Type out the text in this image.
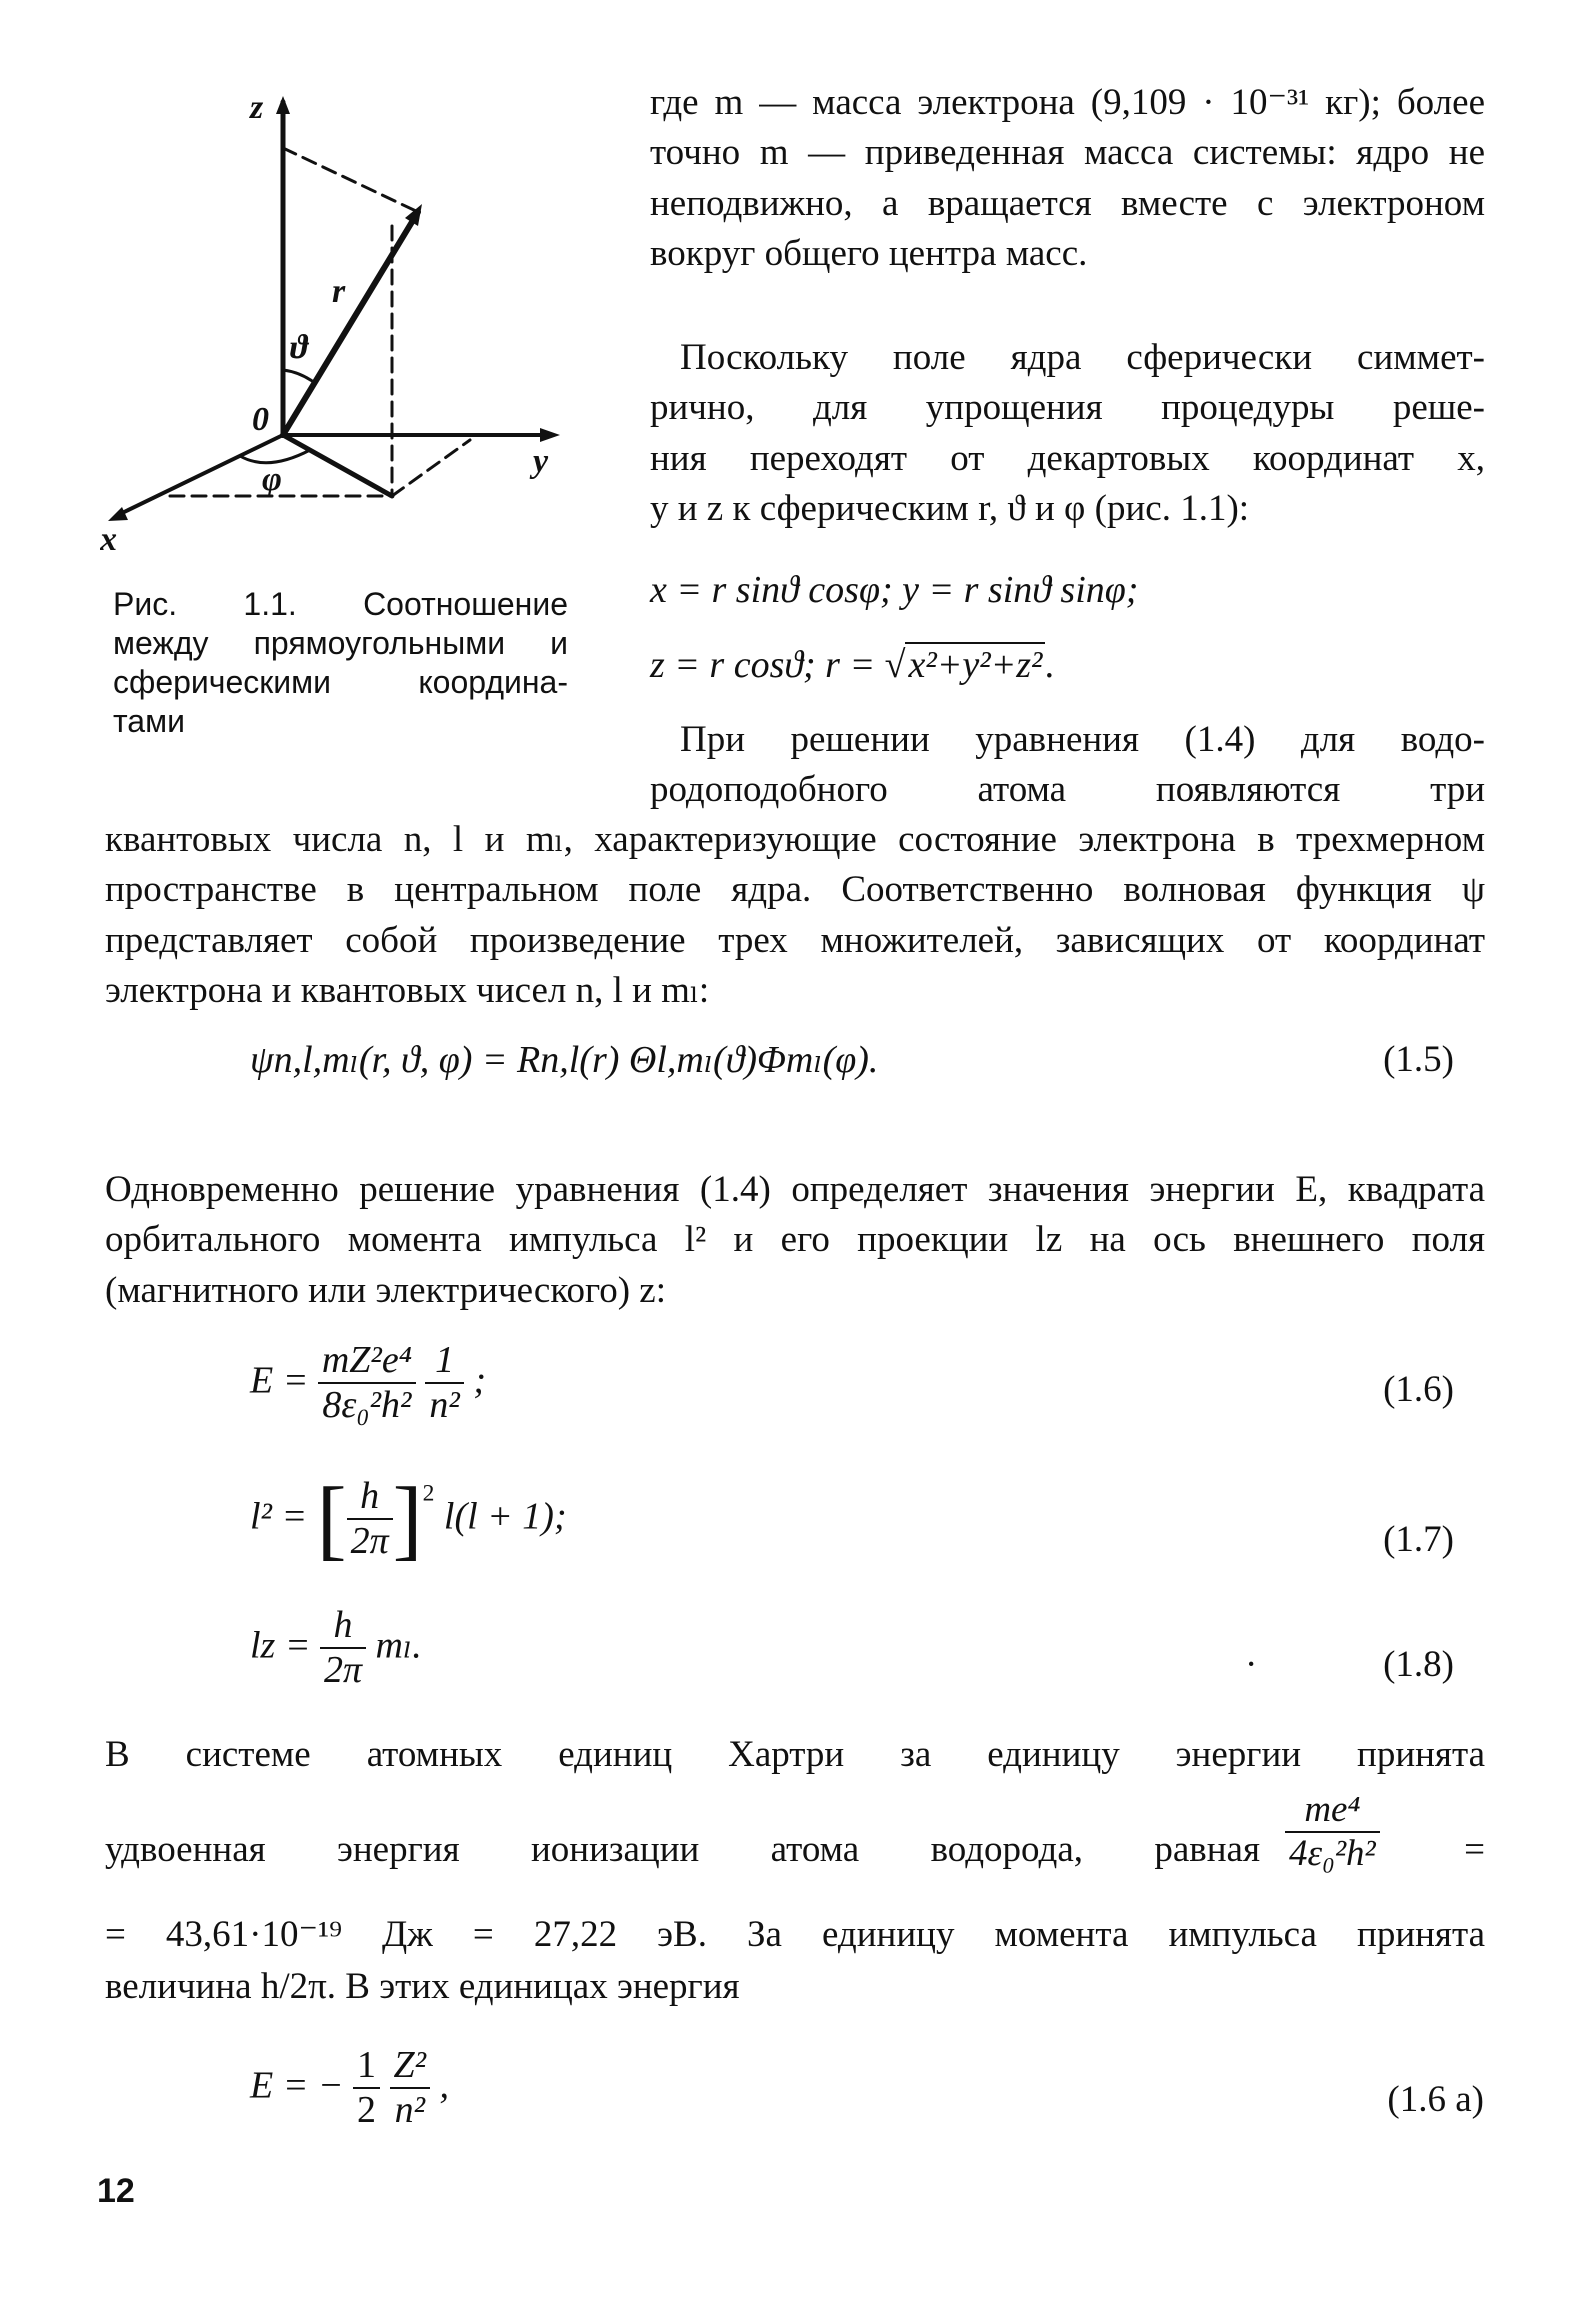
z
y
x
0
r
ϑ
φ
Рис. 1.1. Соотношение
между прямоугольными и
сферическими координа-
тами
где m — масса электрона (9,109 · 10⁻³¹ кг); более точно m — приведенная масса системы: ядро не неподвижно, а вращается вместе с электроном вокруг общего центра масс.
Поскольку поле ядра сферически симмет-
рично, для упрощения процедуры реше-
ния переходят от декартовых координат x,
y и z к сферическим r, ϑ и φ (рис. 1.1):
x = r sinϑ cosφ; y = r sinϑ sinφ;
z = r cosϑ; r = √x²+y²+z².
При решении уравнения (1.4) для водо-
родоподобного атома появляются три
квантовых числа n, l и mₗ, характеризующие состояние электрона в трехмерном пространстве в центральном поле ядра. Соответственно волновая функция ψ представляет собой произведение трех множителей, зависящих от координат электрона и квантовых чисел n, l и mₗ:
ψn,l,mₗ(r, ϑ, φ) = Rn,l(r) Θl,mₗ(ϑ)Φmₗ(φ).	(1.5)
Одновременно решение уравнения (1.4) определяет значения энергии E, квадрата орбитального момента импульса l² и его проекции lz на ось внешнего поля (магнитного или электрического) z:
$E = \frac{\text{mZ²e⁴}}{\text{8ε₀²h²}}$
$\frac{1}{\text{n²}}$ ;	(1.6)
l² = [ $\frac{h}{2\pi} ]^2$ l(l + 1);
(1.7)
lz = $\frac{h}{2\pi} m_l$.	·	(1.8)
В системе атомных единиц Хартри за единицу энергии принята
удвоенная энергия ионизации атома водорода, равная $\frac{\text{me⁴}}{\text{4ε₀²h²}}$ =
= 43,61·10⁻¹⁹ Дж = 27,22 эВ. За единицу момента импульса принята
величина h/2π. В этих единицах энергия
E = − $\frac{1}{2}$
$\frac{\text{Z²}}{\text{n²}}$ ,	(1.6 а)
12
